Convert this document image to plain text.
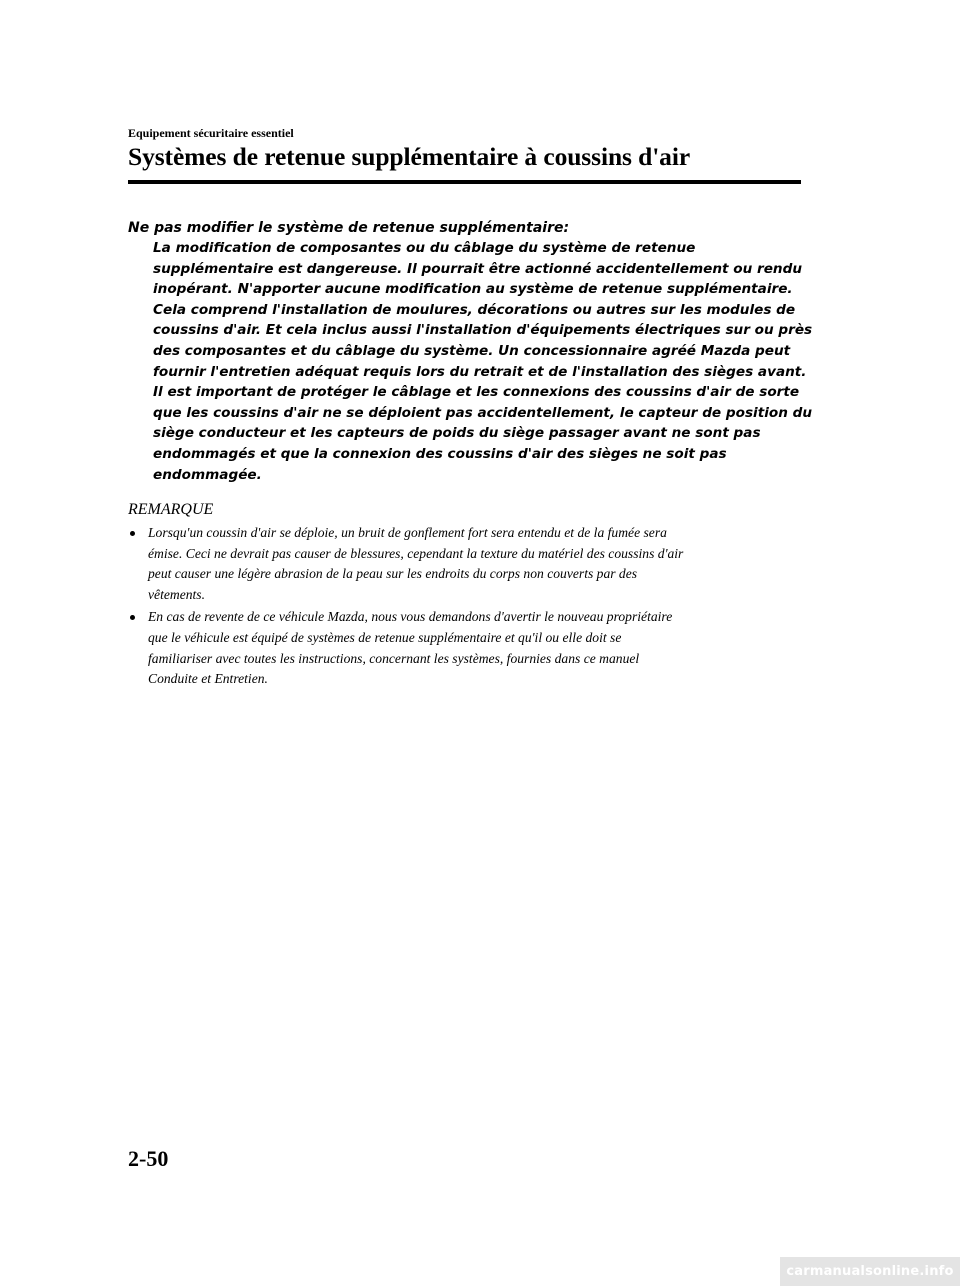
Equipement sécuritaire essentiel
Systèmes de retenue supplémentaire à coussins d'air

Ne pas modifier le système de retenue supplémentaire:

La modification de composantes ou du câblage du système de retenue
supplémentaire est dangereuse. Il pourrait être actionné accidentellement ou rendu
inopérant. N'apporter aucune modification au système de retenue supplémentaire.
Cela comprend l'installation de moulures, décorations ou autres sur les modules de
coussins d'air. Et cela inclus aussi l'installation d'équipements électriques sur ou près
des composantes et du câblage du système. Un concessionnaire agréé Mazda peut
fournir l'entretien adéquat requis lors du retrait et de l'installation des sièges avant.
Il est important de protéger le câblage et les connexions des coussins d'air de sorte
que les coussins d'air ne se déploient pas accidentellement, le capteur de position du
siège conducteur et les capteurs de poids du siège passager avant ne sont pas
endommagés et que la connexion des coussins d'air des sièges ne soit pas
endommagée.

REMARQUE

Lorsqu'un coussin d'air se déploie, un bruit de gonflement fort sera entendu et de la fumée sera
émise. Ceci ne devrait pas causer de blessures, cependant la texture du matériel des coussins d'air
peut causer une légère abrasion de la peau sur les endroits du corps non couverts par des
vêtements.
En cas de revente de ce véhicule Mazda, nous vous demandons d'avertir le nouveau propriétaire
que le véhicule est équipé de systèmes de retenue supplémentaire et qu'il ou elle doit se
familiariser avec toutes les instructions, concernant les systèmes, fournies dans ce manuel
Conduite et Entretien.
2-50
carmanualsonline.info
